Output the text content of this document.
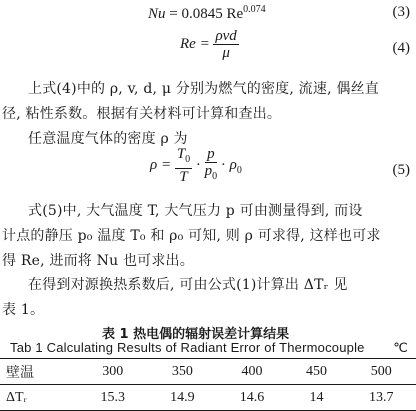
Nu = 0.0845 $Re^{0.074}$	(3)
$Re = \frac{\text{ρvd}}{\mu}$	(4)
上式(4)中的 ρ, v, d, μ 分别为燃气的密度, 流速, 偶丝直
径, 粘性系数。根据有关材料可计算和查出。
任意温度气体的密度 ρ 为
$\rho = \frac{T_0}{T} \cdot \frac{p}{p_0} \cdot \rho_0$	(5)
式(5)中, 大气温度 T, 大气压力 p 可由测量得到, 而设
计点的静压 p₀ 温度 T₀ 和 ρ₀ 可知, 则 ρ 可求得, 这样也可求
得 Re, 进而将 Nu 也可求出。
在得到对源换热系数后, 可由公式(1)计算出 ΔTᵣ 见
表 1。
表 1 热电偶的辐射误差计算结果
Tab 1 Calculating Results of Radiant Error of Thermocouple ℃
壁温	300	350	400	450	500
ΔTᵣ	15.3	14.9	14.6	14	13.7
